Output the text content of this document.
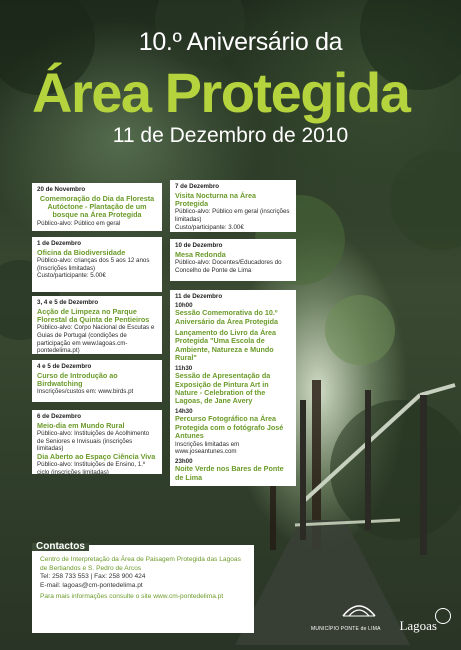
10.º Aniversário da
Área Protegida
11 de Dezembro de 2010
20 de Novembro
Comemoração do Dia da Floresta Autóctone - Plantação de um bosque na Área Protegida
Público-alvo: Público em geral
1 de Dezembro
Oficina da Biodiversidade
Público-alvo: crianças dos 5 aos 12 anos
(Inscrições limitadas)
Custo/participante: 5.00€
3, 4 e 5 de Dezembro
Acção de Limpeza no Parque Florestal da Quinta de Pentieiros
Público-alvo: Corpo Nacional de Escutas e Guias de Portugal (condições de participação em www.lagoas.cm-pontedelima.pt)
4 e 5 de Dezembro
Curso de Introdução ao Birdwatching
Inscrições/custos em: www.birds.pt
6 de Dezembro
Meio-dia em Mundo Rural
Público-alvo: Instituições de Acolhimento de Seniores e Invisuais (inscrições limitadas)
Dia Aberto ao Espaço Ciência Viva
Público-alvo: Instituições de Ensino, 1.º ciclo (inscrições limitadas)
7 de Dezembro
Visita Nocturna na Área Protegida
Público-alvo: Público em geral (inscrições limitadas)
Custo/participante: 3.00€
10 de Dezembro
Mesa Redonda
Público-alvo: Docentes/Educadores do Concelho de Ponte de Lima
11 de Dezembro
10h00
Sessão Comemorativa do 10.º Aniversário da Área Protegida
Lançamento do Livro da Área Protegida "Uma Escola de Ambiente, Natureza e Mundo Rural"
11h30
Sessão de Apresentação da Exposição de Pintura Art in Nature - Celebration of the Lagoas, de Jane Avery
14h30
Percurso Fotográfico na Área Protegida com o fotógrafo José Antunes
Inscrições limitadas em www.joseantunes.com
23h00
Noite Verde nos Bares de Ponte de Lima
Contactos
Centro de Interpretação da Área de Paisagem Protegida das Lagoas de Bertiandos e S. Pedro de Arcos
Tel: 258 733 553 | Fax: 258 900 424
E-mail: lagoas@cm-pontedelima.pt
Para mais informações consulte o site www.cm-pontedelima.pt
MUNICÍPIO PONTE de LIMA Lagoas
